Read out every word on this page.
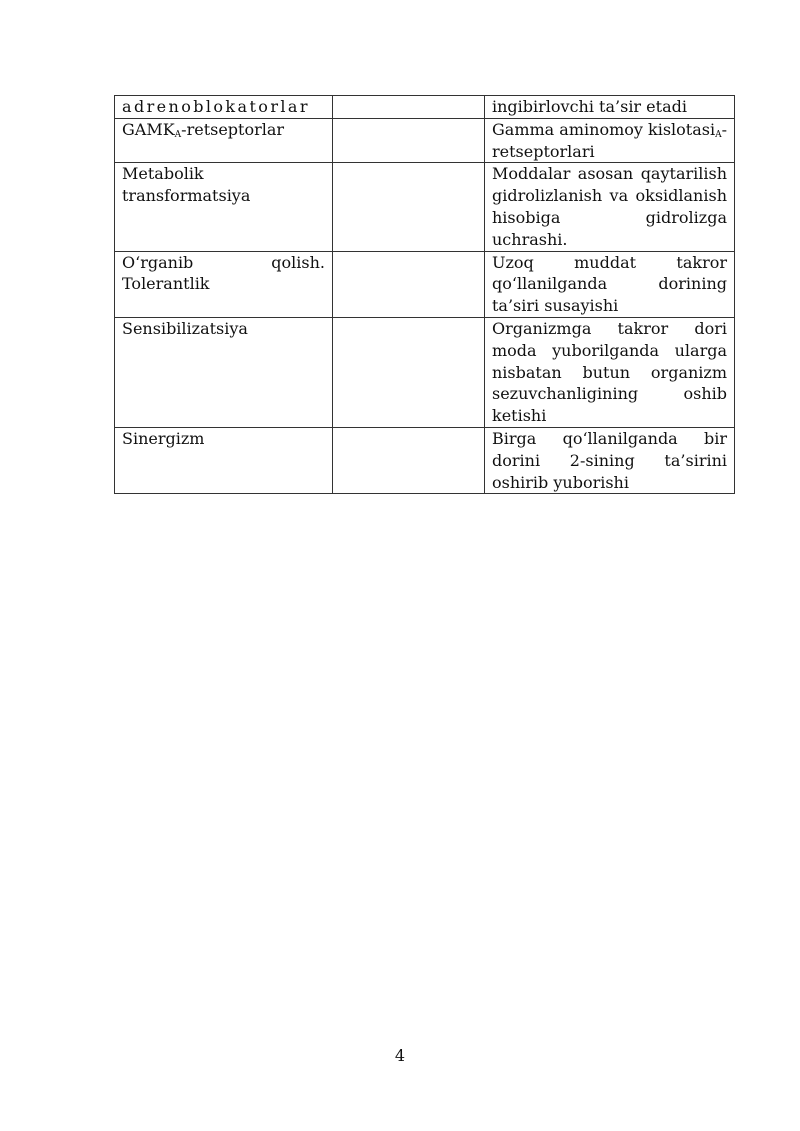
adrenoblokatorlar		ingibirlovchi ta’sir etadi
$GAMK_A$-retseptorlar		Gamma aminomoy kislotasi$_A$-retseptorlari
Metabolik transformatsiya		Moddalar asosan qaytarilish gidrolizlanish va oksidlanish hisobiga gidrolizga uchrashi.
O‘rganib qolish. Tolerantlik		Uzoq muddat takror qo‘llanilganda dorining ta’siri susayishi
Sensibilizatsiya		Organizmga takror dori moda yuborilganda ularga nisbatan butun organizm sezuvchanligining oshib ketishi
Sinergizm		Birga qo‘llanilganda bir dorini 2-sining ta’sirini oshirib yuborishi
4
